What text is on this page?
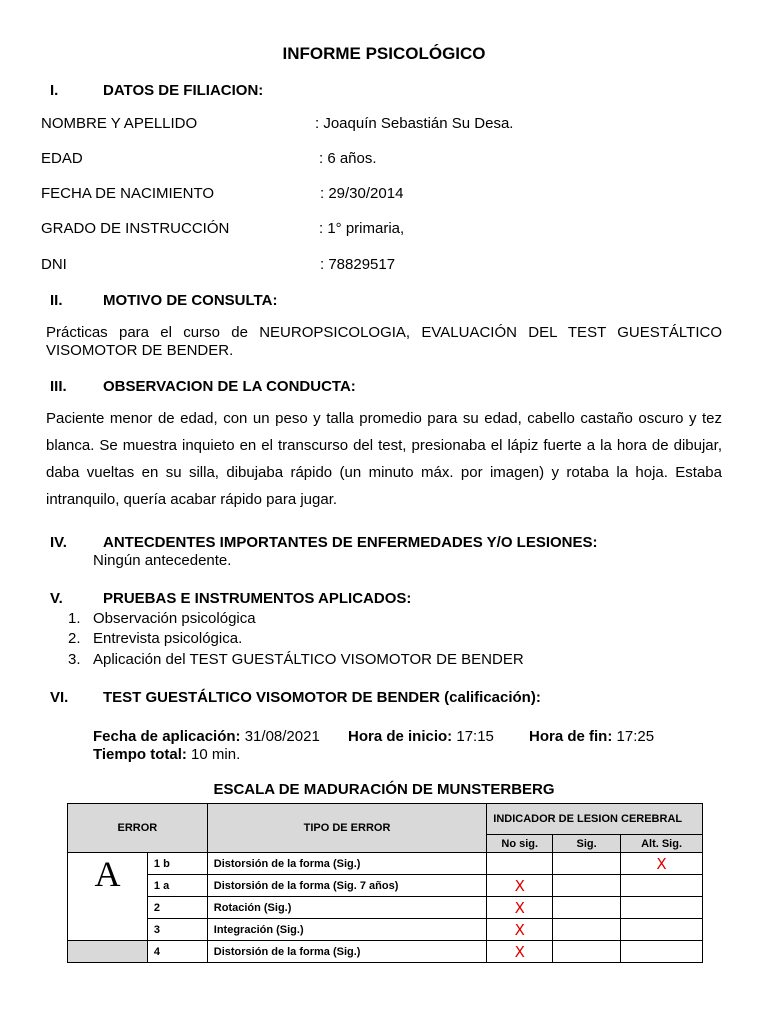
INFORME PSICOLÓGICO
I.	DATOS DE FILIACION:
NOMBRE Y APELLIDO	: Joaquín Sebastián Su Desa.
EDAD	: 6 años.
FECHA DE NACIMIENTO	: 29/30/2014
GRADO DE INSTRUCCIÓN	: 1° primaria,
DNI	: 78829517
II.	MOTIVO DE CONSULTA:
Prácticas para el curso de NEUROPSICOLOGIA, EVALUACIÓN DEL TEST GUESTÁLTICO VISOMOTOR DE BENDER.
III. OBSERVACION DE LA CONDUCTA:
Paciente menor de edad, con un peso y talla promedio para su edad, cabello castaño oscuro y tez blanca. Se muestra inquieto en el transcurso del test, presionaba el lápiz fuerte a la hora de dibujar, daba vueltas en su silla, dibujaba rápido (un minuto máx. por imagen) y rotaba la hoja. Estaba intranquilo, quería acabar rápido para jugar.
IV. ANTECDENTES IMPORTANTES DE ENFERMEDADES Y/O LESIONES:
Ningún antecedente.
V.	PRUEBAS E INSTRUMENTOS APLICADOS:
1. Observación psicológica
2. Entrevista psicológica.
3. Aplicación del TEST GUESTÁLTICO VISOMOTOR DE BENDER
VI. TEST GUESTÁLTICO VISOMOTOR DE BENDER (calificación):
Fecha de aplicación: 31/08/2021 Hora de inicio: 17:15 Hora de fin: 17:25
Tiempo total: 10 min.
ESCALA DE MADURACIÓN DE MUNSTERBERG
ERROR		TIPO DE ERROR	INDICADOR DE LESION CEREBRAL		
			No sig.	Sig.	Alt. Sig.
A	1 b	Distorsión de la forma (Sig.)			X
	1 a	Distorsión de la forma (Sig. 7 años)	X		
	2	Rotación (Sig.)	X		
	3	Integración (Sig.)	X		
	4	Distorsión de la forma (Sig.)	X		
